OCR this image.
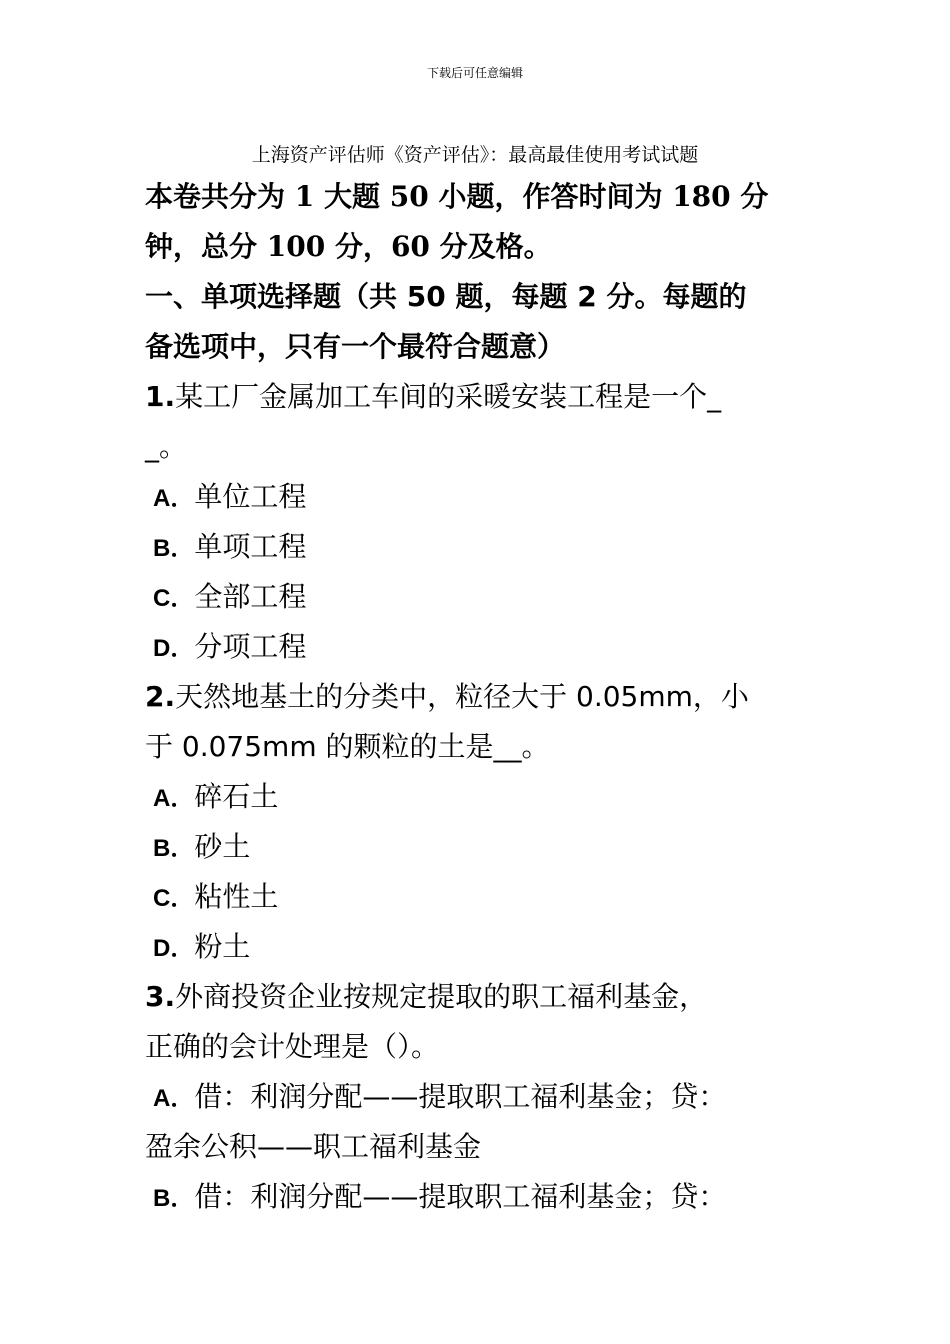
下载后可任意编辑
上海资产评估师《资产评估》：最高最佳使用考试试题
本卷共分为 1 大题 50 小题，作答时间为 180 分
钟，总分 100 分，60 分及格。
一、单项选择题（共 50 题，每题 2 分。每题的
备选项中，只有一个最符合题意）
1.某工厂金属加工车间的采暖安装工程是一个_
_。
A．单位工程
B．单项工程
C．全部工程
D．分项工程
2.天然地基土的分类中，粒径大于 0.05mm，小
于 0.075mm 的颗粒的土是__。
A．碎石土
B．砂土
C．粘性土
D．粉土
3.外商投资企业按规定提取的职工福利基金，
正确的会计处理是（）。
A．借：利润分配——提取职工福利基金；贷：
盈余公积——职工福利基金
B．借：利润分配——提取职工福利基金；贷：
